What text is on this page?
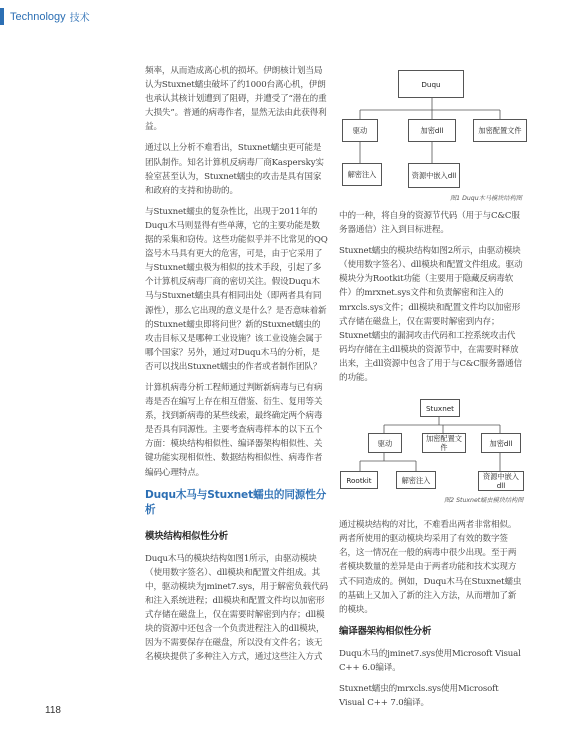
Technology 技术

频率，从而造成离心机的损坏。伊朗核计划当局认为Stuxnet蠕虫破坏了约1000台离心机，伊朗也承认其核计划遭到了阻碍，并遭受了“潜在的重大损失”。普通的病毒作者，显然无法由此获得利益。

通过以上分析不难看出，Stuxnet蠕虫更可能是团队制作。知名计算机反病毒厂商Kaspersky实验室甚至认为，Stuxnet蠕虫的攻击是具有国家和政府的支持和协助的。

与Stuxnet蠕虫的复杂性比，出现于2011年的Duqu木马则显得有些单薄，它的主要功能是数据的采集和窃传。这些功能似乎并不比常见的QQ盗号木马具有更大的危害，可是，由于它采用了与Stuxnet蠕虫极为相似的技术手段，引起了多个计算机反病毒厂商的密切关注。假设Duqu木马与Stuxnet蠕虫具有相同出处（即两者具有同源性），那么它出现的意义是什么？是否意味着新的Stuxnet蠕虫即将问世？新的Stuxnet蠕虫的攻击目标又是哪种工业设施？该工业设施会属于哪个国家？另外，通过对Duqu木马的分析，是否可以找出Stuxnet蠕虫的作者或者制作团队？

计算机病毒分析工程师通过判断新病毒与已有病毒是否在编写上存在相互借鉴、衍生、复用等关系，找到新病毒的某些线索，最终确定两个病毒是否具有同源性。主要考查病毒样本的以下五个方面：模块结构相似性、编译器架构相似性、关键功能实现相似性、数据结构相似性、病毒作者编码心理特点。

Duqu木马与Stuxnet蠕虫的同源性分析
模块结构相似性分析

Duqu木马的模块结构如图1所示，由驱动模块（使用数字签名）、dll模块和配置文件组成。其中，驱动模块为jminet7.sys，用于解密负载代码和注入系统进程；dll模块和配置文件均以加密形式存储在磁盘上，仅在需要时解密到内存；dll模块的资源中还包含一个负责进程注入的dll模块，因为不需要保存在磁盘，所以没有文件名；该无名模块提供了多种注入方式，通过这些注入方式

Duqu
驱动	加密dll	加密配置文件
解密注入	资源中嵌入dll
图1 Duqu木马模块结构图

中的一种，将自身的资源节代码（用于与C&C服务器通信）注入到目标进程。

Stuxnet蠕虫的模块结构如图2所示，由驱动模块（使用数字签名）、dll模块和配置文件组成。驱动模块分为Rootkit功能（主要用于隐藏反病毒软件）的mrxnet.sys文件和负责解密和注入的mrxcls.sys文件；dll模块和配置文件均以加密形式存储在磁盘上，仅在需要时解密到内存；Stuxnet蠕虫的漏洞攻击代码和工控系统攻击代码均存储在主dll模块的资源节中，在需要时释放出来，主dll资源中包含了用于与C&C服务器通信的功能。

通过模块结构的对比，不难看出两者非常相似。两者所使用的驱动模块均采用了有效的数字签名，这一情况在一般的病毒中很少出现。至于两者模块数量的差异是由于两者功能和技术实现方式不同造成的。例如，Duqu木马在Stuxnet蠕虫的基础上又加入了新的注入方法，从而增加了新的模块。

编译器架构相似性分析

Duqu木马的jminet7.sys使用Microsoft Visual C++ 6.0编译。

Stuxnet蠕虫的mrxcls.sys使用Microsoft Visual C++ 7.0编译。

Stuxnet
驱动	加密配置文件	加密dll
Rootkit	解密注入	资源中嵌入dll
图2 Stuxnet蠕虫模块结构图
118
